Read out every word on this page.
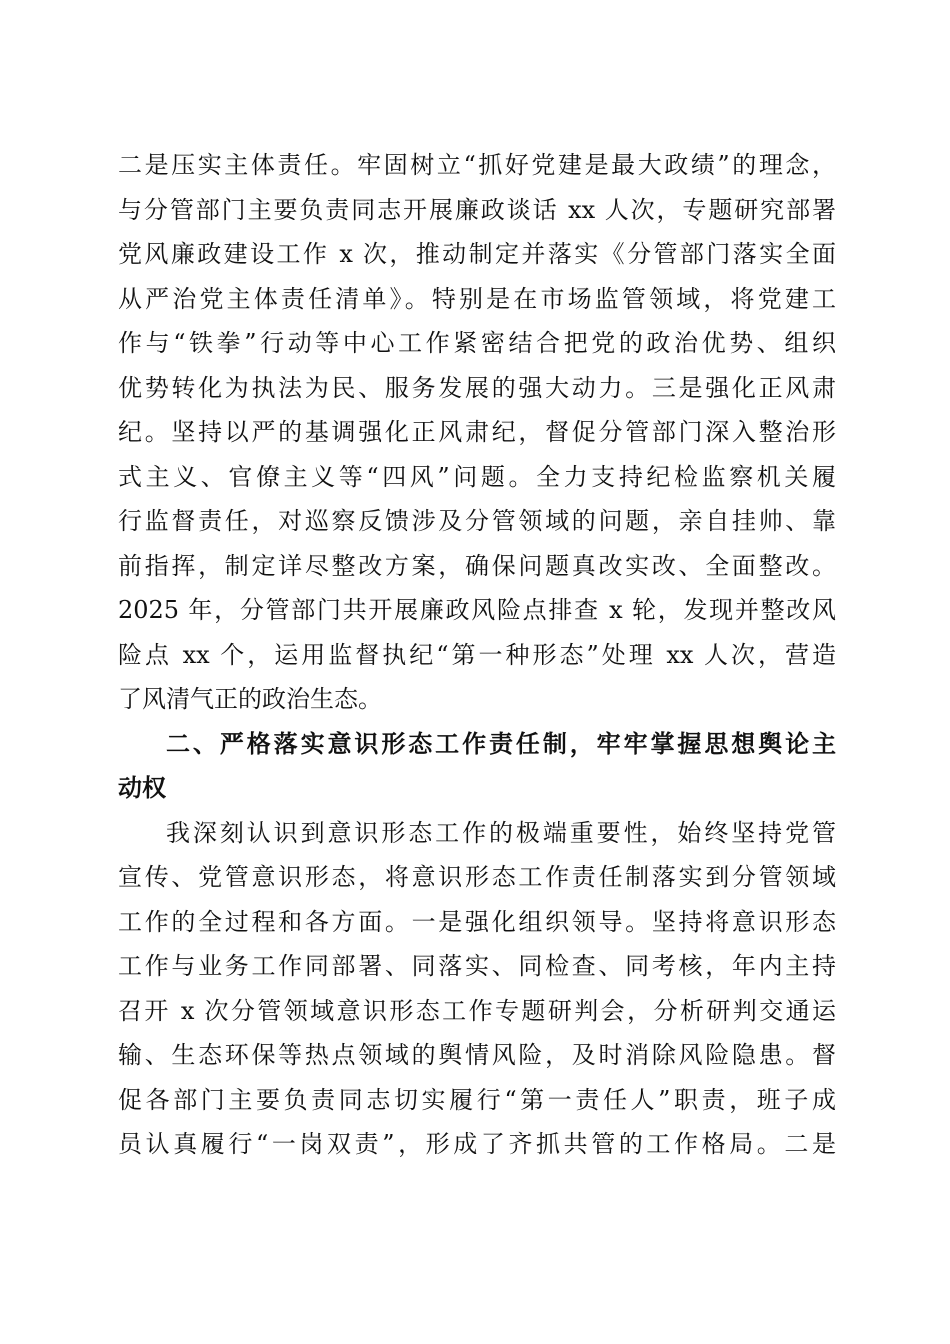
二是压实主体责任。牢固树立“抓好党建是最大政绩”的理念，
与分管部门主要负责同志开展廉政谈话 xx 人次，专题研究部署
党风廉政建设工作 x 次，推动制定并落实《分管部门落实全面
从严治党主体责任清单》。特别是在市场监管领域，将党建工
作与“铁拳”行动等中心工作紧密结合把党的政治优势、组织
优势转化为执法为民、服务发展的强大动力。三是强化正风肃
纪。坚持以严的基调强化正风肃纪，督促分管部门深入整治形
式主义、官僚主义等“四风”问题。全力支持纪检监察机关履
行监督责任，对巡察反馈涉及分管领域的问题，亲自挂帅、靠
前指挥，制定详尽整改方案，确保问题真改实改、全面整改。
2025 年，分管部门共开展廉政风险点排查 x 轮，发现并整改风
险点 xx 个，运用监督执纪“第一种形态”处理 xx 人次，营造
了风清气正的政治生态。
二、严格落实意识形态工作责任制，牢牢掌握思想舆论主
动权
我深刻认识到意识形态工作的极端重要性，始终坚持党管
宣传、党管意识形态，将意识形态工作责任制落实到分管领域
工作的全过程和各方面。一是强化组织领导。坚持将意识形态
工作与业务工作同部署、同落实、同检查、同考核，年内主持
召开 x 次分管领域意识形态工作专题研判会，分析研判交通运
输、生态环保等热点领域的舆情风险，及时消除风险隐患。督
促各部门主要负责同志切实履行“第一责任人”职责，班子成
员认真履行“一岗双责”，形成了齐抓共管的工作格局。二是
